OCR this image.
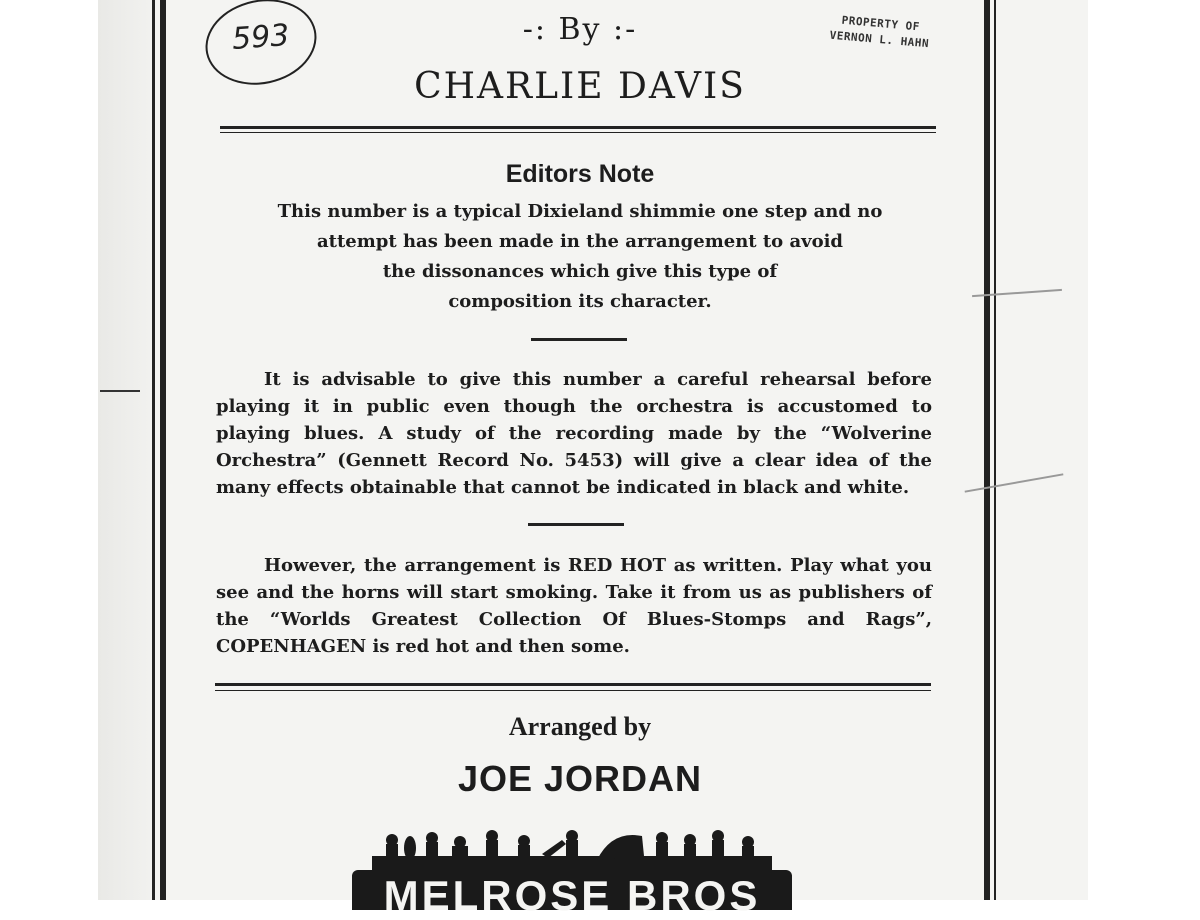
593	PROPERTY OF
VERNON L. HAHN
-: By :-
CHARLIE DAVIS
Editors Note
This number is a typical Dixieland shimmie one step and no
attempt has been made in the arrangement to avoid
the dissonances which give this type of
composition its character.
It is advisable to give this number a careful rehearsal before playing it in public even though the orchestra is accustomed to playing blues. A study of the recording made by the “Wolverine Orchestra” (Gennett Record No. 5453) will give a clear idea of the many effects obtainable that cannot be indicated in black and white.
However, the arrangement is RED HOT as written. Play what you see and the horns will start smoking. Take it from us as publishers of the “Worlds Greatest Collection Of Blues-Stomps and Rags”, COPENHAGEN is red hot and then some.
Arranged by
JOE JORDAN
MELROSE BROS
